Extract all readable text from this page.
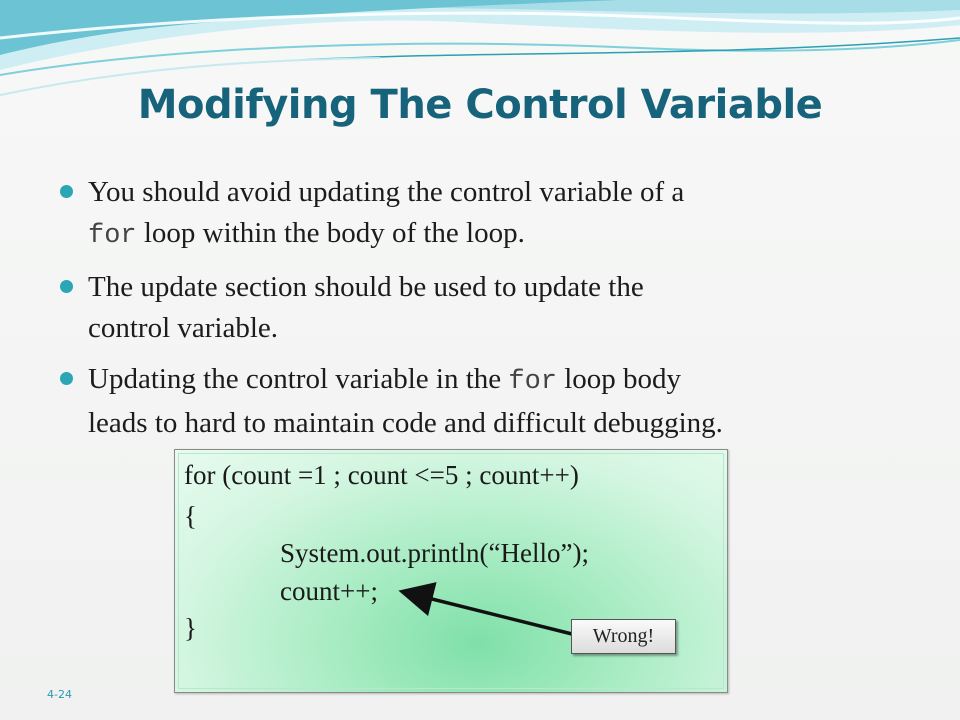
Modifying The Control Variable
You should avoid updating the control variable of a
for loop within the body of the loop.
The update section should be used to update the
control variable.
Updating the control variable in the for loop body
leads to hard to maintain code and difficult debugging.
for (count =1 ; count <=5 ; count++)
{
System.out.println(“Hello”);
count++;
}	Wrong!
4-24
